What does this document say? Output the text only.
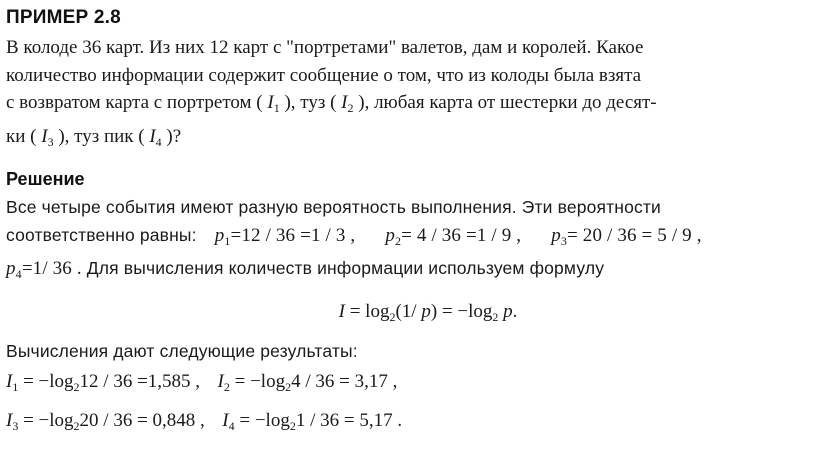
ПРИМЕР 2.8
В колоде 36 карт. Из них 12 карт с "портретами" валетов, дам и королей. Какое
количество информации содержит сообщение о том, что из колоды была взята
с возвратом карта с портретом ( $I_1$ ), туз ( $I_2$ ), любая карта от шестерки до десят-
ки ( $I_3$ ), туз пик ( $I_4$ )?
Решение
Все четыре события имеют разную вероятность выполнения. Эти вероятности
соответственно равны: $p_1=12 / 36 =1 / 3$ , $p_2= 4 / 36 =1 / 9$ , $p_3= 20 / 36 = 5 / 9$ ,
$p_4=1/$ 36 . Для вычисления количеств информации используем формулу
$I = \log_2(1/$ $p) = -\log_2$ p.
Вычисления дают следующие результаты:
$I_1 = -\log_212 / 36 =1,585$ , $I_2 = -\log_24 / 36 = 3,17$ ,
$I_3 = -\log_220 / 36 = 0,848$ , $I_4 = -\log_21 / 36 = 5,17$ .
